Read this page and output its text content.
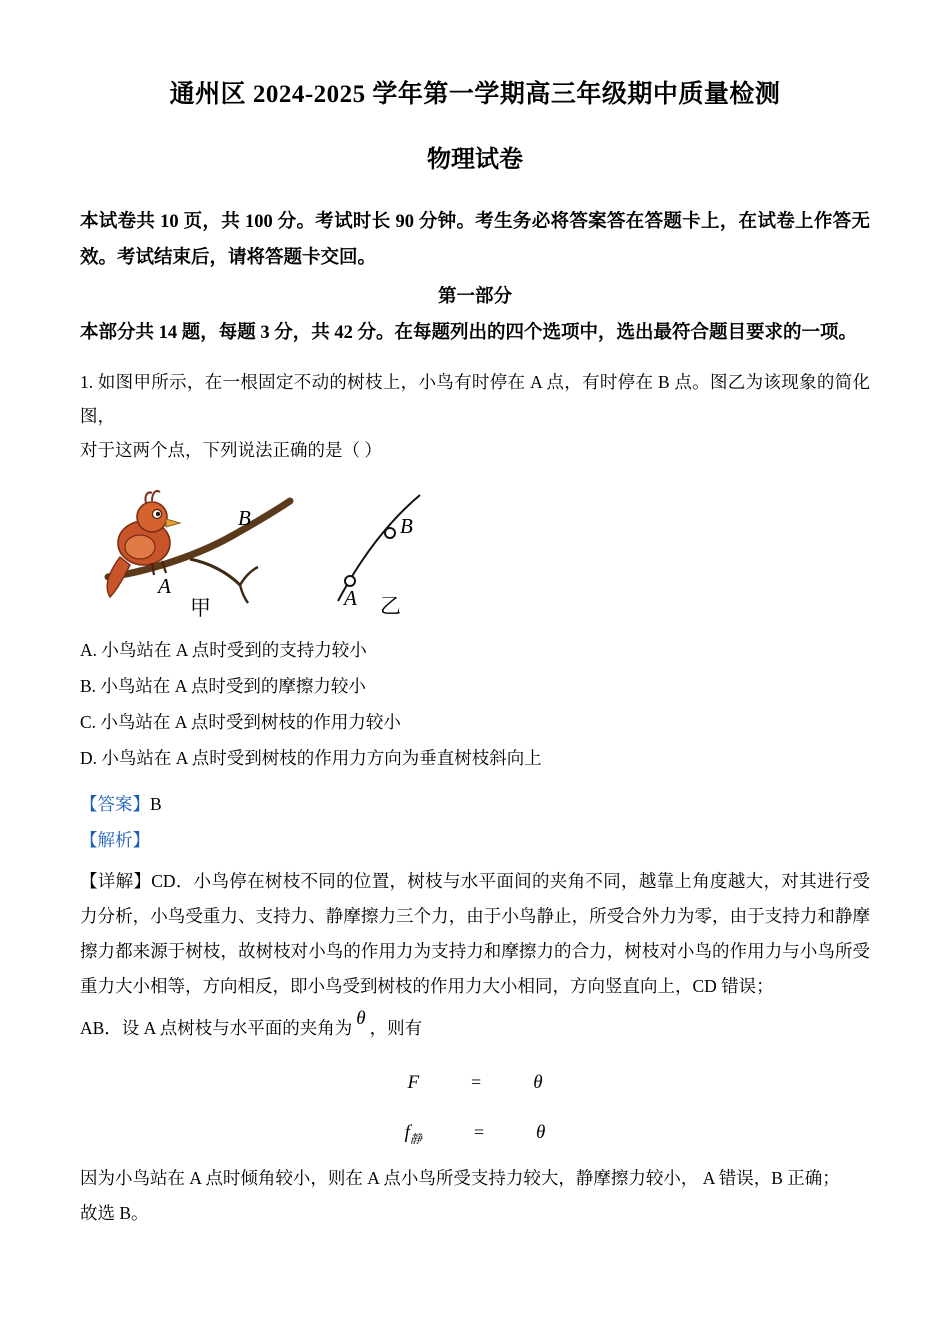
通州区 2024-2025 学年第一学期高三年级期中质量检测
物理试卷
本试卷共 10 页，共 100 分。考试时长 90 分钟。考生务必将答案答在答题卡上，在试卷上作答无效。考试结束后，请将答题卡交回。
第一部分
本部分共 14 题，每题 3 分，共 42 分。在每题列出的四个选项中，选出最符合题目要求的一项。
1. 如图甲所示，在一根固定不动的树枝上，小鸟有时停在 A 点，有时停在 B 点。图乙为该现象的简化图，
对于这两个点，下列说法正确的是（ ）
A
B
甲	A
B
乙
A. 小鸟站在 A 点时受到的支持力较小
B. 小鸟站在 A 点时受到的摩擦力较小
C. 小鸟站在 A 点时受到树枝的作用力较小
D. 小鸟站在 A 点时受到树枝的作用力方向为垂直树枝斜向上
【答案】B
【解析】
【详解】CD．小鸟停在树枝不同的位置，树枝与水平面间的夹角不同，越靠上角度越大，对其进行受力分析，小鸟受重力、支持力、静摩擦力三个力，由于小鸟静止，所受合外力为零，由于支持力和静摩擦力都来源于树枝，故树枝对小鸟的作用力为支持力和摩擦力的合力，树枝对小鸟的作用力与小鸟所受重力大小相等，方向相反，即小鸟受到树枝的作用力大小相同，方向竖直向上，CD 错误；
AB．设 A 点树枝与水平面的夹角为 θ ，则有
F	=	θ
$f_静$	=	θ
因为小鸟站在 A 点时倾角较小，则在 A 点小鸟所受支持力较大，静摩擦力较小， A 错误，B 正确；
故选 B。
